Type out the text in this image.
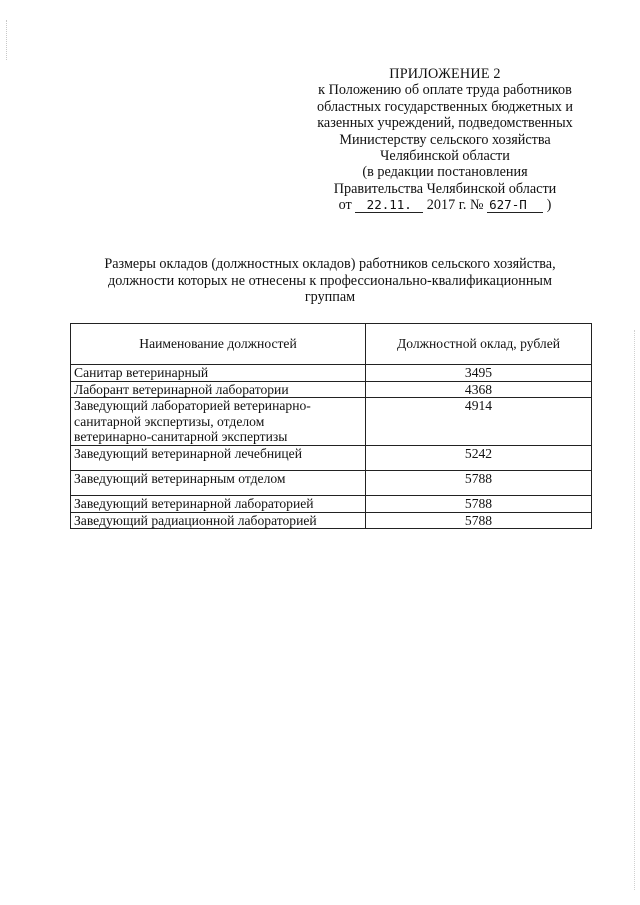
ПРИЛОЖЕНИЕ 2
к Положению об оплате труда работников
областных государственных бюджетных и
казенных учреждений, подведомственных
Министерству сельского хозяйства
Челябинской области
(в редакции постановления
Правительства Челябинской области
от 22.11. 2017 г. № 627-П )
Размеры окладов (должностных окладов) работников сельского хозяйства,
должности которых не отнесены к профессионально-квалификационным
группам
Наименование должностей	Должностной оклад, рублей

Санитар ветеринарный	3495

Лаборант ветеринарной лаборатории	4368

Заведующий лабораторией ветеринарно-
санитарной экспертизы, отделом
ветеринарно-санитарной экспертизы	4914

Заведующий ветеринарной лечебницей	5242

Заведующий ветеринарным отделом	5788

Заведующий ветеринарной лабораторией	5788

Заведующий радиационной лабораторией	5788
